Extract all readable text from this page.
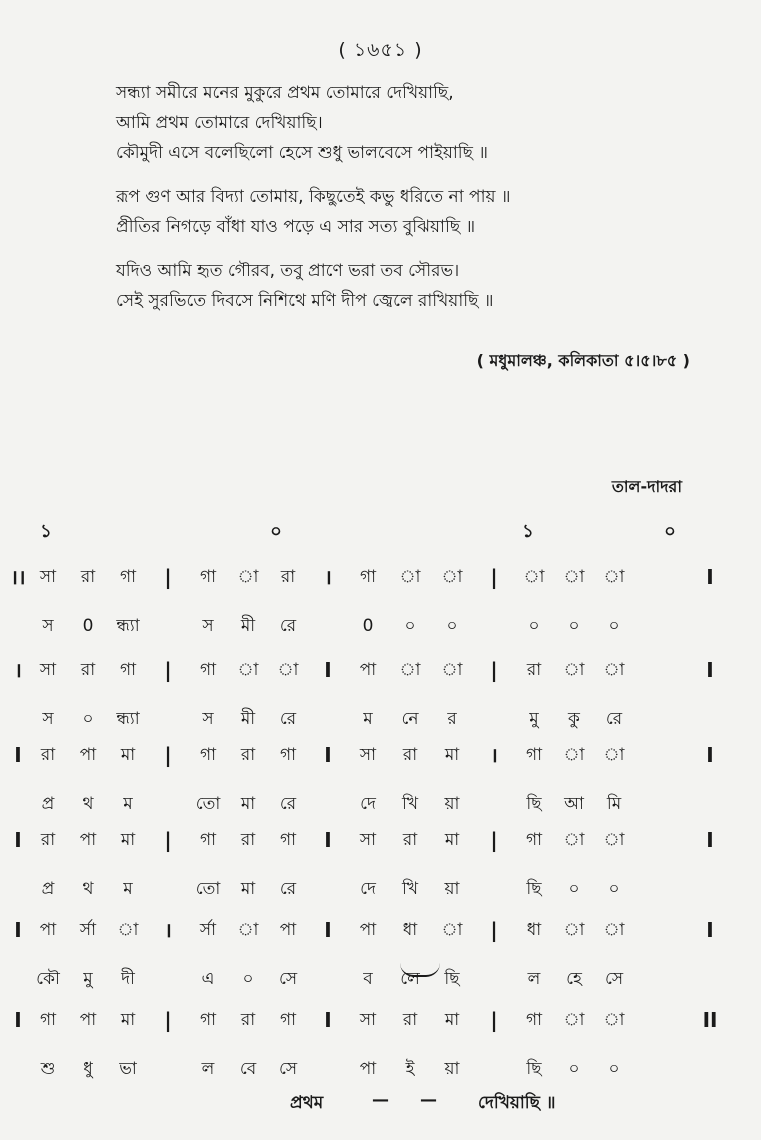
( ১৬৫১ )
সন্ধ্যা সমীরে মনের মুকুরে প্রথম তোমারে দেখিয়াছি,
আমি প্রথম তোমারে দেখিয়াছি।
কৌমুদী এসে বলেছিলো হেসে শুধু ভালবেসে পাইয়াছি ॥
রূপ গুণ আর বিদ্যা তোমায়, কিছুতেই কভু ধরিতে না পায় ॥
প্রীতির নিগড়ে বাঁধা যাও পড়ে এ সার সত্য বুঝিয়াছি ॥
যদিও আমি হৃত গৌরব, তবু প্রাণে ভরা তব সৌরভ।
সেই সুরভিতে দিবসে নিশিথে মণি দীপ জ্বেলে রাখিয়াছি ॥
( মধুমালঞ্চ, কলিকাতা ৫।৫।৮৫ )
তাল-দাদরা
১	০	১	০
।।	I
সা রা গা | গা া রা । গা া া | া া া
স 0 ন্ধ্যা	স মী রে	0 ০ ০	০ ০ ০
।	I
সা রা গা | গা া া I পা া া | রা া া
স ০ ন্ধ্যা	স মী রে	ম নে র	মু কু রে
I	I
রা পা মা | গা রা গা I সা রা মা । গা া া
প্র থ ম	তো মা রে	দে খি য়া	ছি আ মি
I	I
রা পা মা | গা রা গা I সা রা মা | গা া া
প্র থ ম	তো মা রে	দে খি য়া	ছি ০ ০
I	I
পা র্সা া । র্সা া পা I পা ধা া | ধা া া
কৌ মু দী	এ ০ সে	ব লে ছি	ল হে সে
I	II
গা পা মা | গা রা গা I সা রা মা | গা া া
শু ধু ভা	ল বে সে	পা ই য়া	ছি ০ ০
প্রথম	— — দেখিয়াছি ॥
